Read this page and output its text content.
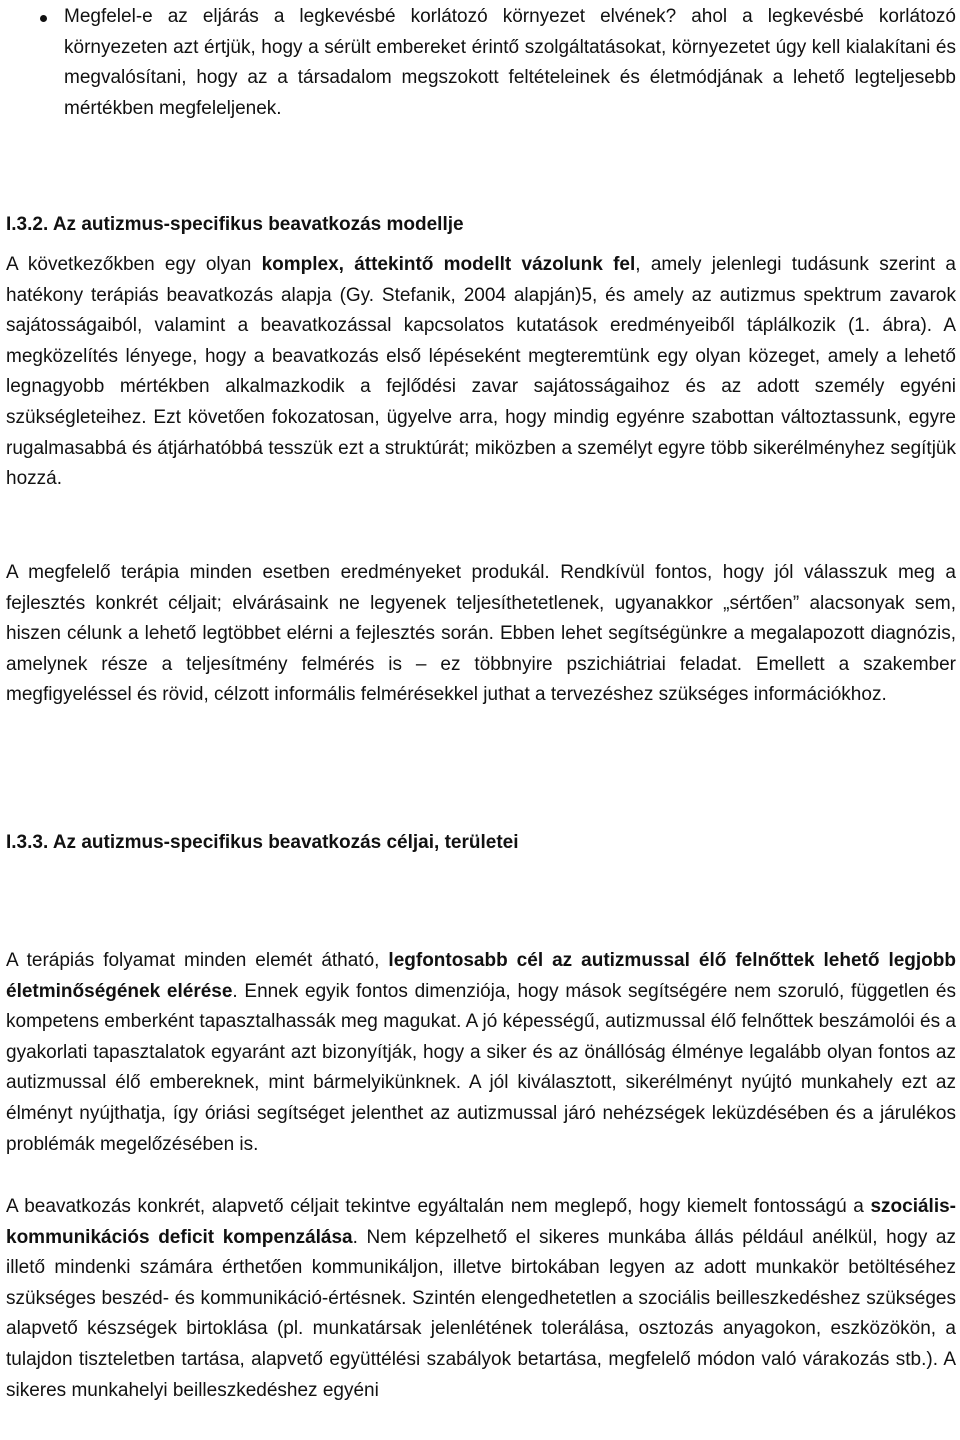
Megfelel-e az eljárás a legkevésbé korlátozó környezet elvének? ahol a legkevésbé korlátozó környezeten azt értjük, hogy a sérült embereket érintő szolgáltatásokat, környezetet úgy kell kialakítani és megvalósítani, hogy az a társadalom megszokott feltételeinek és életmódjának a lehető legteljesebb mértékben megfeleljenek.
I.3.2. Az autizmus-specifikus beavatkozás modellje

A következőkben egy olyan komplex, áttekintő modellt vázolunk fel, amely jelenlegi tudásunk szerint a hatékony terápiás beavatkozás alapja (Gy. Stefanik, 2004 alapján)5, és amely az autizmus spektrum zavarok sajátosságaiból, valamint a beavatkozással kapcsolatos kutatások eredményeiből táplálkozik (1. ábra). A megközelítés lényege, hogy a beavatkozás első lépéseként megteremtünk egy olyan közeget, amely a lehető legnagyobb mértékben alkalmazkodik a fejlődési zavar sajátosságaihoz és az adott személy egyéni szükségleteihez. Ezt követően fokozatosan, ügyelve arra, hogy mindig egyénre szabottan változtassunk, egyre rugalmasabbá és átjárhatóbbá tesszük ezt a struktúrát; miközben a személyt egyre több sikerélményhez segítjük hozzá.

A megfelelő terápia minden esetben eredményeket produkál. Rendkívül fontos, hogy jól válasszuk meg a fejlesztés konkrét céljait; elvárásaink ne legyenek teljesíthetetlenek, ugyanakkor „sértően” alacsonyak sem, hiszen célunk a lehető legtöbbet elérni a fejlesztés során. Ebben lehet segítségünkre a megalapozott diagnózis, amelynek része a teljesítmény felmérés is – ez többnyire pszichiátriai feladat. Emellett a szakember megfigyeléssel és rövid, célzott informális felmérésekkel juthat a tervezéshez szükséges információkhoz.

I.3.3. Az autizmus-specifikus beavatkozás céljai, területei

A terápiás folyamat minden elemét átható, legfontosabb cél az autizmussal élő felnőttek lehető legjobb életminőségének elérése. Ennek egyik fontos dimenziója, hogy mások segítségére nem szoruló, független és kompetens emberként tapasztalhassák meg magukat. A jó képességű, autizmussal élő felnőttek beszámolói és a gyakorlati tapasztalatok egyaránt azt bizonyítják, hogy a siker és az önállóság élménye legalább olyan fontos az autizmussal élő embereknek, mint bármelyikünknek. A jól kiválasztott, sikerélményt nyújtó munkahely ezt az élményt nyújthatja, így óriási segítséget jelenthet az autizmussal járó nehézségek leküzdésében és a járulékos problémák megelőzésében is.

A beavatkozás konkrét, alapvető céljait tekintve egyáltalán nem meglepő, hogy kiemelt fontosságú a szociális-kommunikációs deficit kompenzálása. Nem képzelhető el sikeres munkába állás például anélkül, hogy az illető mindenki számára érthetően kommunikáljon, illetve birtokában legyen az adott munkakör betöltéséhez szükséges beszéd- és kommunikáció-értésnek. Szintén elengedhetetlen a szociális beilleszkedéshez szükséges alapvető készségek birtoklása (pl. munkatársak jelenlétének tolerálása, osztozás anyagokon, eszközökön, a tulajdon tiszteletben tartása, alapvető együttélési szabályok betartása, megfelelő módon való várakozás stb.). A sikeres munkahelyi beilleszkedéshez egyéni
